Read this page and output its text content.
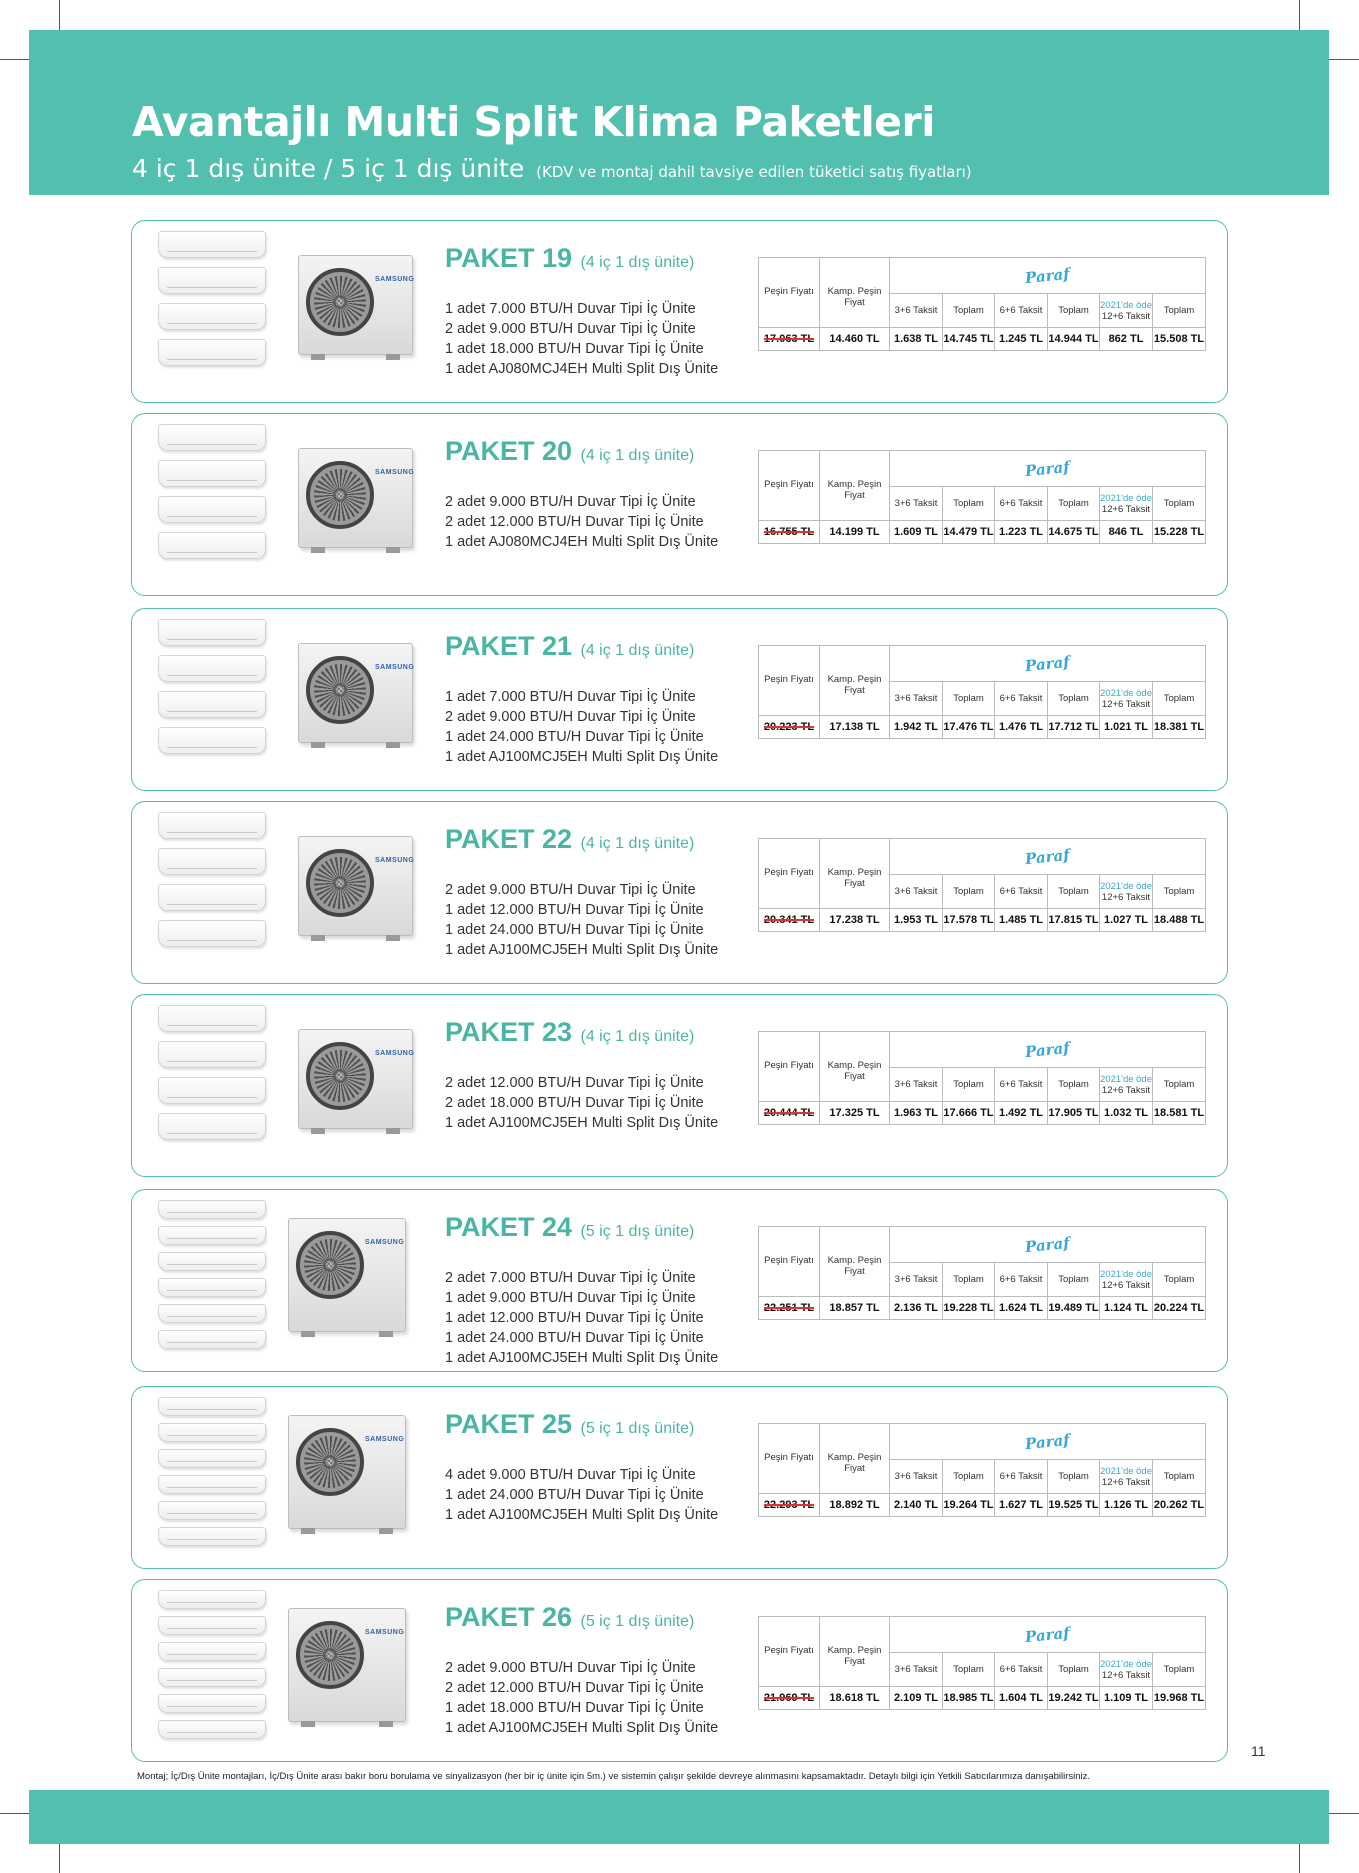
Avantajlı Multi Split Klima Paketleri
4 iç 1 dış ünite / 5 iç 1 dış ünite (KDV ve montaj dahil tavsiye edilen tüketici satış fiyatları)
SAMSUNG
PAKET 19 (4 iç 1 dış ünite)
1 adet 7.000 BTU/H Duvar Tipi İç Ünite
2 adet 9.000 BTU/H Duvar Tipi İç Ünite
1 adet 18.000 BTU/H Duvar Tipi İç Ünite
1 adet AJ080MCJ4EH Multi Split Dış Ünite
Peşin Fiyatı	Kamp. Peşin Fiyat	Paraf					
		3+6 Taksit	Toplam	6+6 Taksit	Toplam	2021'de öde
12+6 Taksit	Toplam
17.063 TL	14.460 TL	1.638 TL	14.745 TL	1.245 TL	14.944 TL	862 TL	15.508 TL
SAMSUNG
PAKET 20 (4 iç 1 dış ünite)
2 adet 9.000 BTU/H Duvar Tipi İç Ünite
2 adet 12.000 BTU/H Duvar Tipi İç Ünite
1 adet AJ080MCJ4EH Multi Split Dış Ünite
Peşin Fiyatı	Kamp. Peşin Fiyat	Paraf					
		3+6 Taksit	Toplam	6+6 Taksit	Toplam	2021'de öde
12+6 Taksit	Toplam
16.755 TL	14.199 TL	1.609 TL	14.479 TL	1.223 TL	14.675 TL	846 TL	15.228 TL
SAMSUNG
PAKET 21 (4 iç 1 dış ünite)
1 adet 7.000 BTU/H Duvar Tipi İç Ünite
2 adet 9.000 BTU/H Duvar Tipi İç Ünite
1 adet 24.000 BTU/H Duvar Tipi İç Ünite
1 adet AJ100MCJ5EH Multi Split Dış Ünite
Peşin Fiyatı	Kamp. Peşin Fiyat	Paraf					
		3+6 Taksit	Toplam	6+6 Taksit	Toplam	2021'de öde
12+6 Taksit	Toplam
20.223 TL	17.138 TL	1.942 TL	17.476 TL	1.476 TL	17.712 TL	1.021 TL	18.381 TL
SAMSUNG
PAKET 22 (4 iç 1 dış ünite)
2 adet 9.000 BTU/H Duvar Tipi İç Ünite
1 adet 12.000 BTU/H Duvar Tipi İç Ünite
1 adet 24.000 BTU/H Duvar Tipi İç Ünite
1 adet AJ100MCJ5EH Multi Split Dış Ünite
Peşin Fiyatı	Kamp. Peşin Fiyat	Paraf					
		3+6 Taksit	Toplam	6+6 Taksit	Toplam	2021'de öde
12+6 Taksit	Toplam
20.341 TL	17.238 TL	1.953 TL	17.578 TL	1.485 TL	17.815 TL	1.027 TL	18.488 TL
SAMSUNG
PAKET 23 (4 iç 1 dış ünite)
2 adet 12.000 BTU/H Duvar Tipi İç Ünite
2 adet 18.000 BTU/H Duvar Tipi İç Ünite
1 adet AJ100MCJ5EH Multi Split Dış Ünite
Peşin Fiyatı	Kamp. Peşin Fiyat	Paraf					
		3+6 Taksit	Toplam	6+6 Taksit	Toplam	2021'de öde
12+6 Taksit	Toplam
20.444 TL	17.325 TL	1.963 TL	17.666 TL	1.492 TL	17.905 TL	1.032 TL	18.581 TL
SAMSUNG
PAKET 24 (5 iç 1 dış ünite)
2 adet 7.000 BTU/H Duvar Tipi İç Ünite
1 adet 9.000 BTU/H Duvar Tipi İç Ünite
1 adet 12.000 BTU/H Duvar Tipi İç Ünite
1 adet 24.000 BTU/H Duvar Tipi İç Ünite
1 adet AJ100MCJ5EH Multi Split Dış Ünite
Peşin Fiyatı	Kamp. Peşin Fiyat	Paraf					
		3+6 Taksit	Toplam	6+6 Taksit	Toplam	2021'de öde
12+6 Taksit	Toplam
22.251 TL	18.857 TL	2.136 TL	19.228 TL	1.624 TL	19.489 TL	1.124 TL	20.224 TL
SAMSUNG
PAKET 25 (5 iç 1 dış ünite)
4 adet 9.000 BTU/H Duvar Tipi İç Ünite
1 adet 24.000 BTU/H Duvar Tipi İç Ünite
1 adet AJ100MCJ5EH Multi Split Dış Ünite
Peşin Fiyatı	Kamp. Peşin Fiyat	Paraf					
		3+6 Taksit	Toplam	6+6 Taksit	Toplam	2021'de öde
12+6 Taksit	Toplam
22.293 TL	18.892 TL	2.140 TL	19.264 TL	1.627 TL	19.525 TL	1.126 TL	20.262 TL
SAMSUNG
PAKET 26 (5 iç 1 dış ünite)
2 adet 9.000 BTU/H Duvar Tipi İç Ünite
2 adet 12.000 BTU/H Duvar Tipi İç Ünite
1 adet 18.000 BTU/H Duvar Tipi İç Ünite
1 adet AJ100MCJ5EH Multi Split Dış Ünite
Peşin Fiyatı	Kamp. Peşin Fiyat	Paraf					
		3+6 Taksit	Toplam	6+6 Taksit	Toplam	2021'de öde
12+6 Taksit	Toplam
21.969 TL	18.618 TL	2.109 TL	18.985 TL	1.604 TL	19.242 TL	1.109 TL	19.968 TL
Montaj; İç/Dış Ünite montajları, İç/Dış Ünite arası bakır boru borulama ve sinyalizasyon (her bir iç ünite için 5m.) ve sistemin çalışır şekilde devreye alınmasını kapsamaktadır. Detaylı bilgi için Yetkili Satıcılarımıza danışabilirsiniz.
11
